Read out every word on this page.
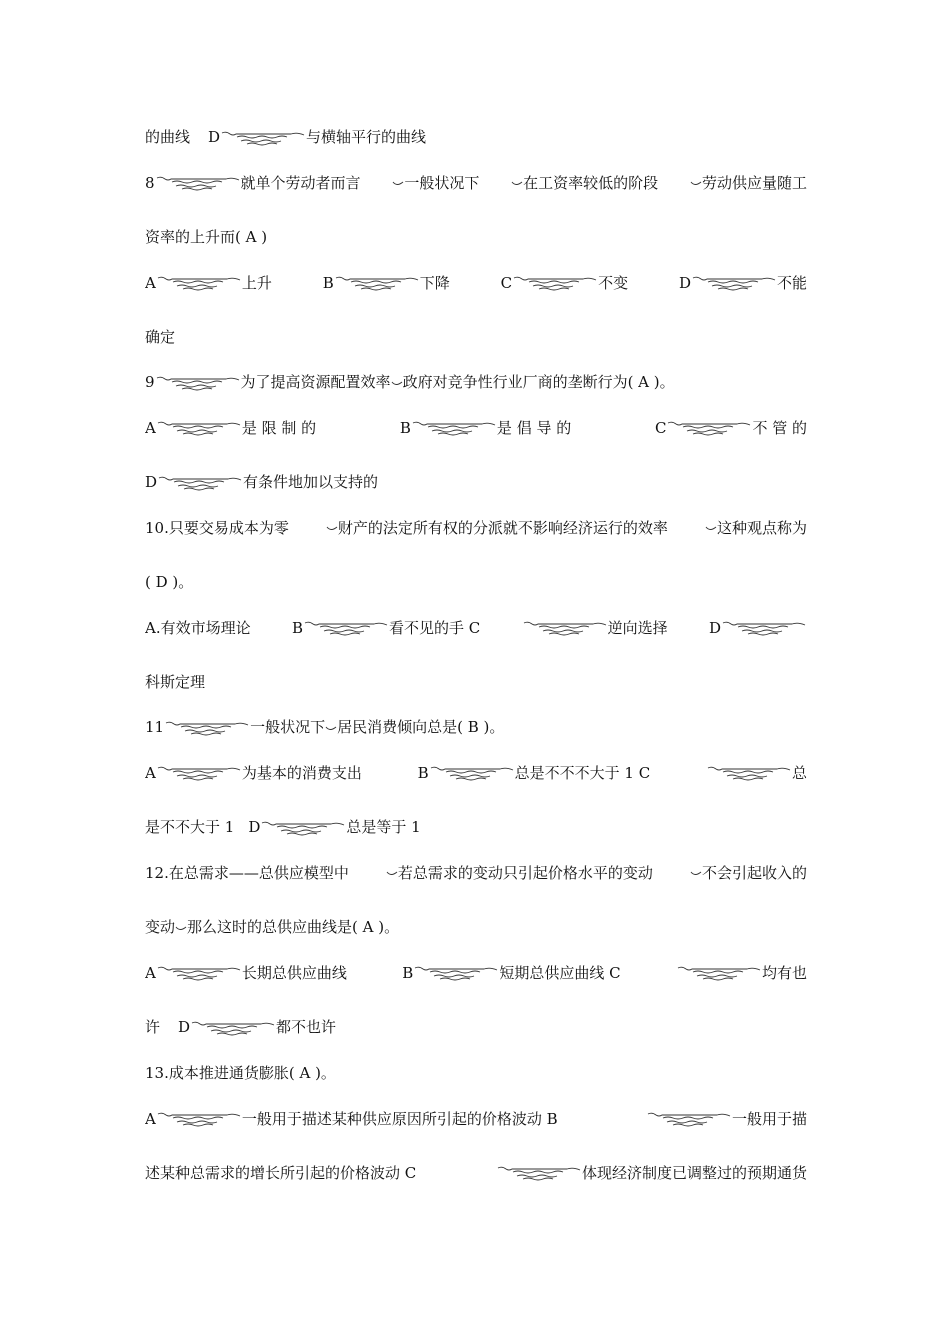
的曲线 D	与横轴平行的曲线
8	就单个劳动者而言	一般状况下	在工资率较低的阶段	劳动供应量随工
资率的上升而( A )
A	上升	B	下降	C	不变	D	不能
确定
9	为了提高资源配置效率 政府对竞争性行业厂商的垄断行为( A )。
A	是 限 制 的	B	是 倡 导 的	C	不 管 的
D	有条件地加以支持的
10.只要交易成本为零	财产的法定所有权的分派就不影响经济运行的效率	这种观点称为
( D )。
A.有效市场理论	B	看不见的手 C	逆向选择	D
科斯定理
11	一般状况下 居民消费倾向总是( B )。
A	为基本的消费支出	B	总是不不不大于 1 C	总
是不不大于 1 D	总是等于 1
12.在总需求——总供应模型中	若总需求的变动只引起价格水平的变动	不会引起收入的
变动 那么这时的总供应曲线是( A )。
A	长期总供应曲线	B	短期总供应曲线 C	均有也
许 D	都不也许
13.成本推进通货膨胀( A )。
A	一般用于描述某种供应原因所引起的价格波动 B	一般用于描
述某种总需求的增长所引起的价格波动 C	体现经济制度已调整过的预期通货
